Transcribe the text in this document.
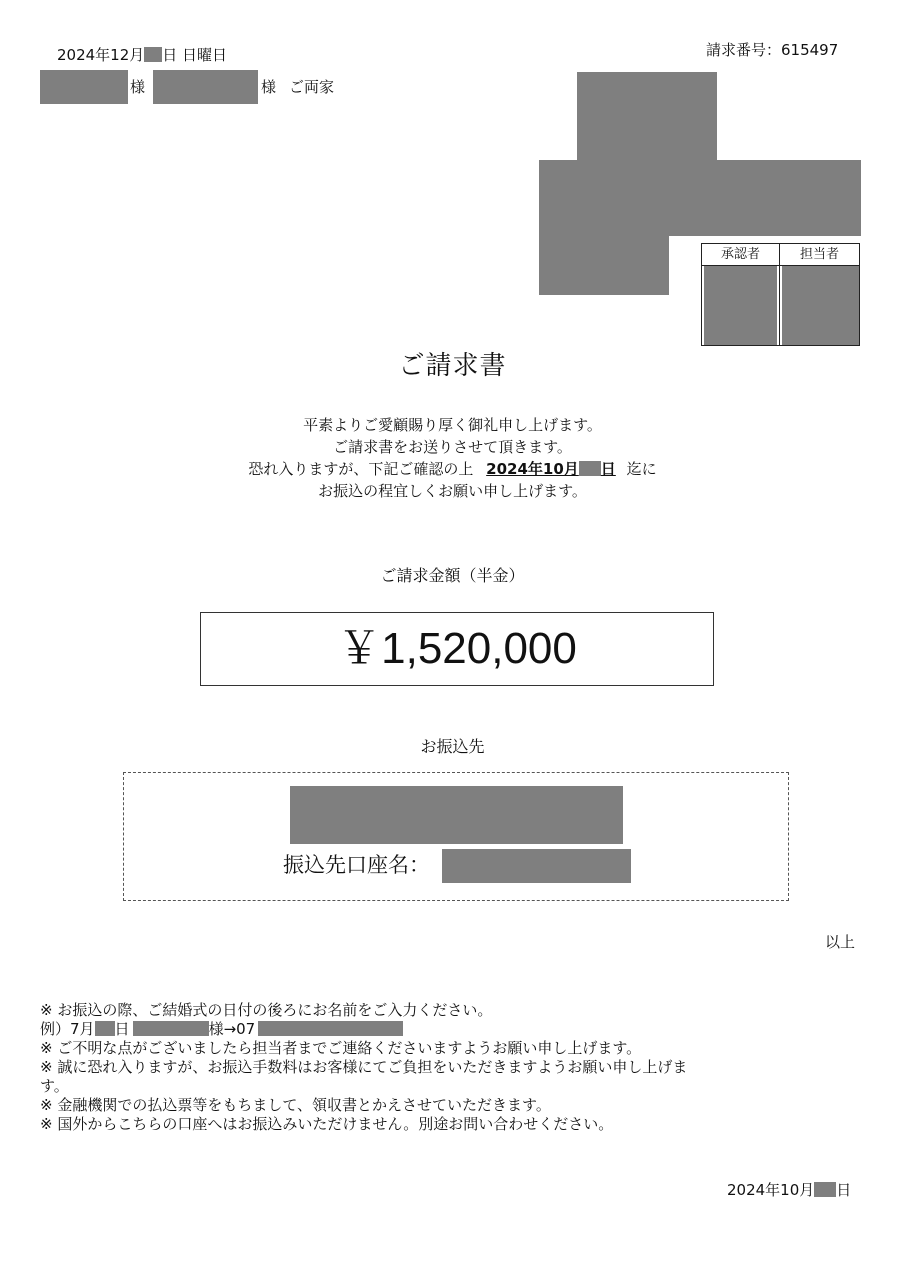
2024年12月 日 日曜日
様	様 ご両家
請求番号：615497
承認者	担当者
ご請求書
平素よりご愛顧賜り厚く御礼申し上げます。
ご請求書をお送りさせて頂きます。
恐れ入りますが、下記ご確認の上 2024年10月 日 迄に
お振込の程宜しくお願い申し上げます。
ご請求金額（半金）
￥1,520,000
お振込先
振込先口座名：
以上
※ お振込の際、ご結婚式の日付の後ろにお名前をご入力ください。
例）7月 日	様→07
※ ご不明な点がございましたら担当者までご連絡くださいますようお願い申し上げます。
※ 誠に恐れ入りますが、お振込手数料はお客様にてご負担をいただきますようお願い申し上げま
す。
※ 金融機関での払込票等をもちまして、領収書とかえさせていただきます。
※ 国外からこちらの口座へはお振込みいただけません。別途お問い合わせください。
2024年10月 日
